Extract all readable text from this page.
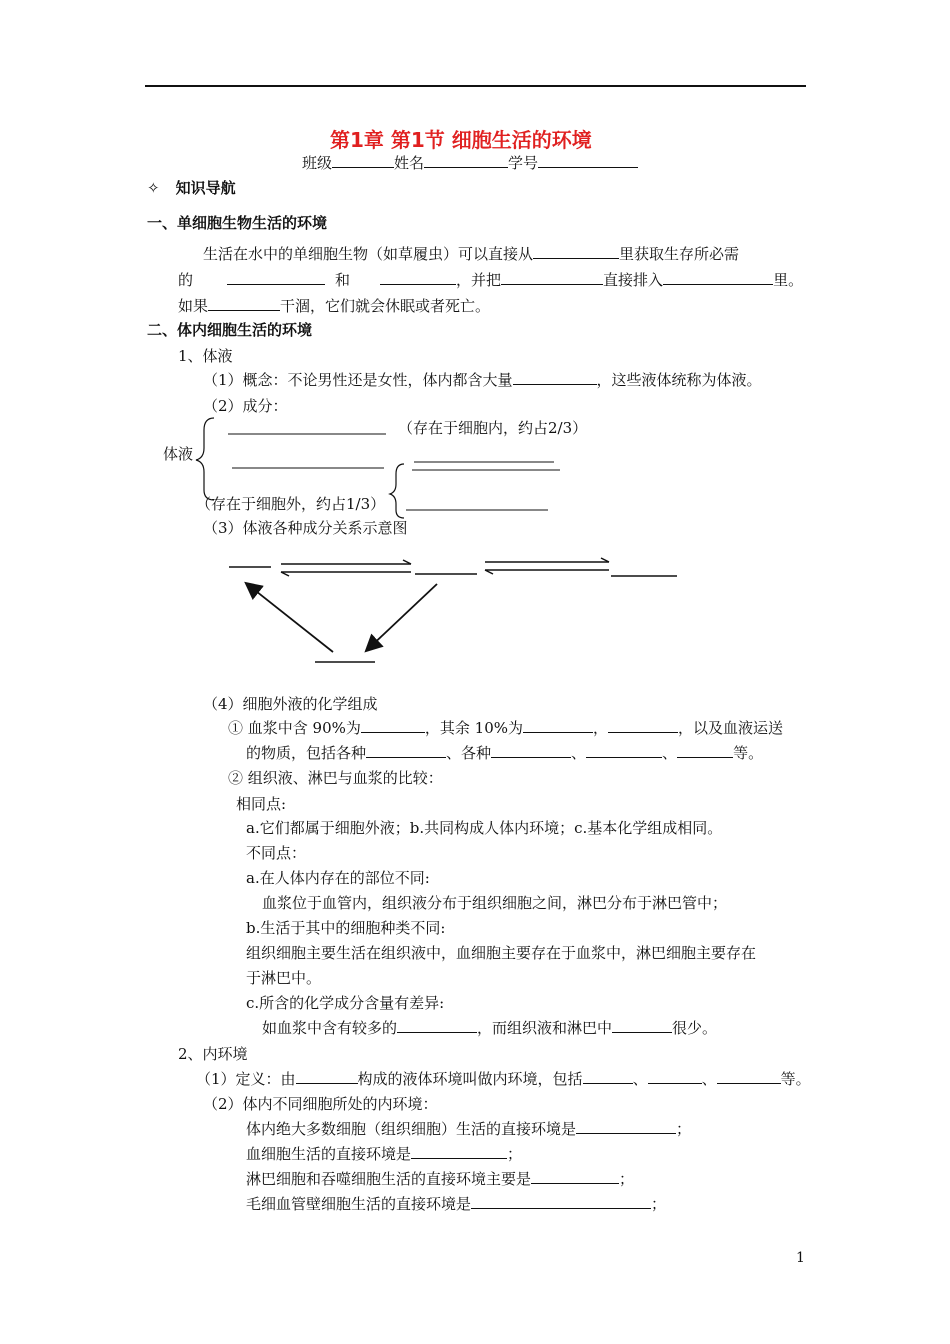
第1章 第1节 细胞生活的环境
班级	姓名	学号
✧ 知识导航
一、单细胞生物生活的环境
生活在水中的单细胞生物（如草履虫）可以直接从	里获取生存所必需
的	和	，并把	直接排入	里。
如果	干涸，它们就会休眠或者死亡。
二、体内细胞生活的环境
1、体液
（1）概念：不论男性还是女性，体内都含大量	，这些液体统称为体液。
（2）成分：
体液
（存在于细胞内，约占2/3）
（存在于细胞外，约占1/3）
（3）体液各种成分关系示意图
（4）细胞外液的化学组成
① 血浆中含 90%为	，其余 10%为	，	，以及血液运送
的物质，包括各种	、各种	、	、	等。
② 组织液、淋巴与血浆的比较：
相同点:
a.它们都属于细胞外液；b.共同构成人体内环境；c.基本化学组成相同。
不同点：
a.在人体内存在的部位不同:
血浆位于血管内，组织液分布于组织细胞之间，淋巴分布于淋巴管中；
b.生活于其中的细胞种类不同:
组织细胞主要生活在组织液中，血细胞主要存在于血浆中，淋巴细胞主要存在
于淋巴中。
c.所含的化学成分含量有差异:
如血浆中含有较多的	，而组织液和淋巴中	很少。
2、内环境
（1）定义：由	构成的液体环境叫做内环境，包括	、	、	等。
（2）体内不同细胞所处的内环境：
体内绝大多数细胞（组织细胞）生活的直接环境是	；
血细胞生活的直接环境是	；
淋巴细胞和吞噬细胞生活的直接环境主要是	；
毛细血管壁细胞生活的直接环境是	；
1
